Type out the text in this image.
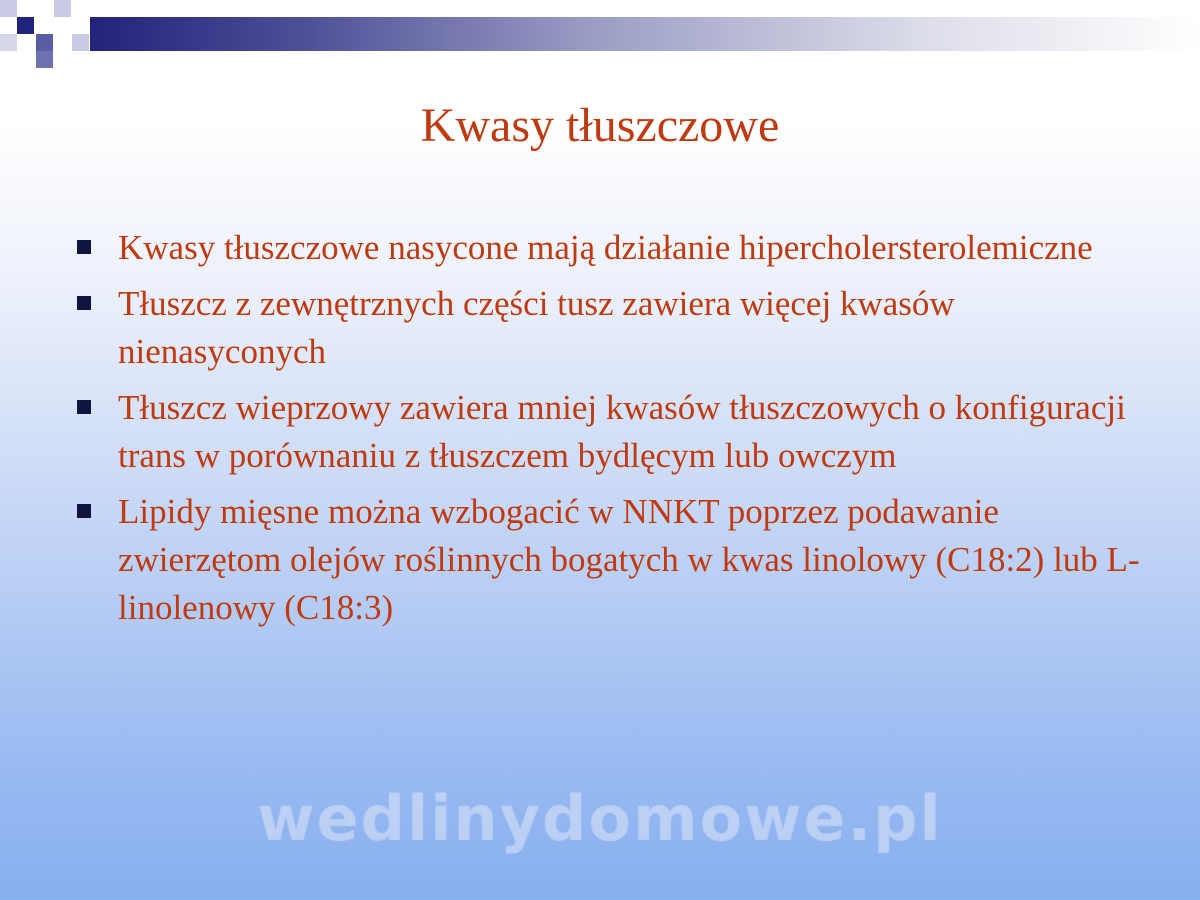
Kwasy tłuszczowe
Kwasy tłuszczowe nasycone mają działanie hipercholersterolemiczne
Tłuszcz z zewnętrznych części tusz zawiera więcej kwasów nienasyconych
Tłuszcz wieprzowy zawiera mniej kwasów tłuszczowych o konfiguracji trans w porównaniu z tłuszczem bydlęcym lub owczym
Lipidy mięsne można wzbogacić w NNKT poprzez podawanie zwierzętom olejów roślinnych bogatych w kwas linolowy (C18:2) lub L-linolenowy (C18:3)
wedlinydomowe.pl
